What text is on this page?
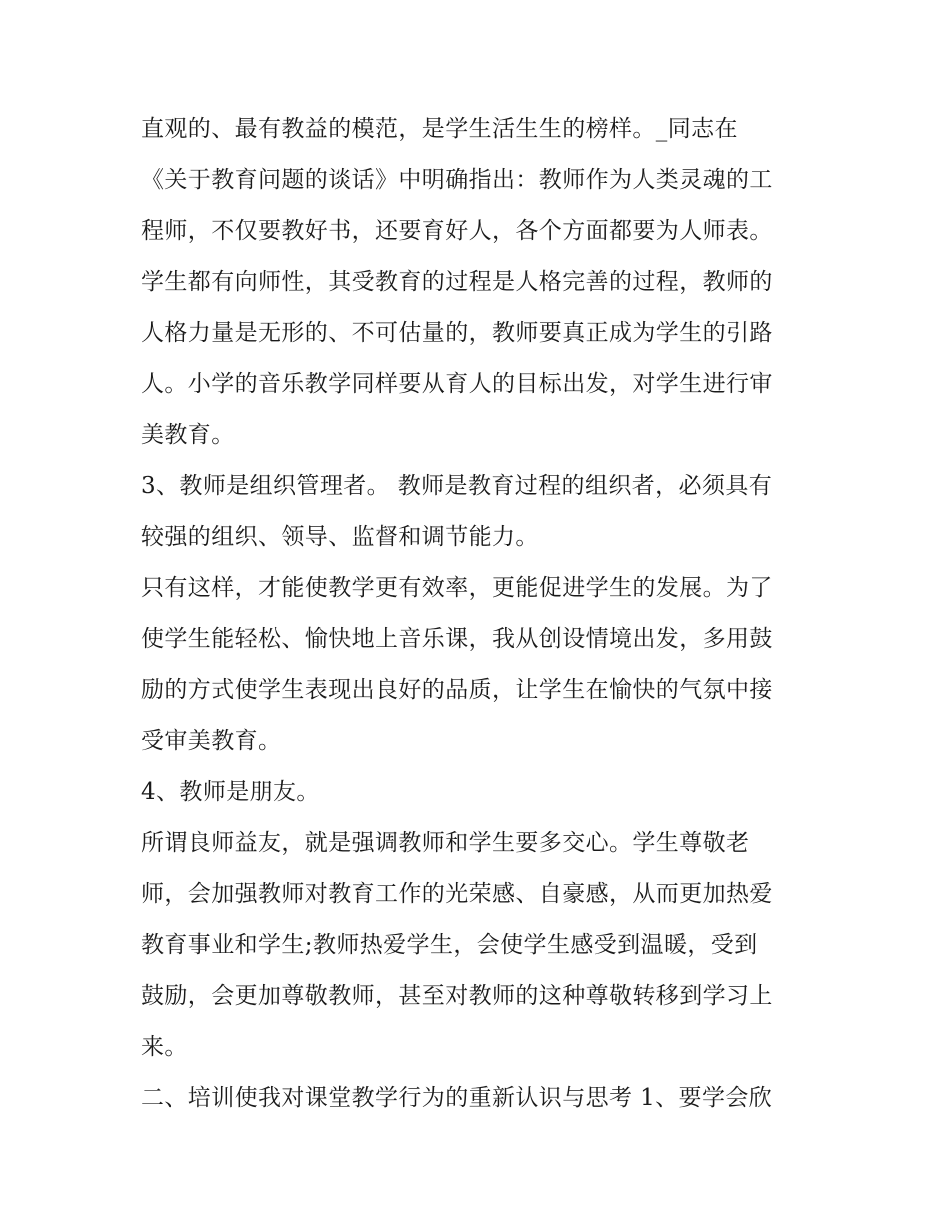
直观的、最有教益的模范，是学生活生生的榜样。_同志在
《关于教育问题的谈话》中明确指出：教师作为人类灵魂的工
程师，不仅要教好书，还要育好人，各个方面都要为人师表。
学生都有向师性，其受教育的过程是人格完善的过程，教师的
人格力量是无形的、不可估量的，教师要真正成为学生的引路
人。小学的音乐教学同样要从育人的目标出发，对学生进行审
美教育。
3、教师是组织管理者。 教师是教育过程的组织者，必须具有
较强的组织、领导、监督和调节能力。
只有这样，才能使教学更有效率，更能促进学生的发展。为了
使学生能轻松、愉快地上音乐课，我从创设情境出发，多用鼓
励的方式使学生表现出良好的品质，让学生在愉快的气氛中接
受审美教育。
4、教师是朋友。
所谓良师益友，就是强调教师和学生要多交心。学生尊敬老
师，会加强教师对教育工作的光荣感、自豪感，从而更加热爱
教育事业和学生;教师热爱学生，会使学生感受到温暖，受到
鼓励，会更加尊敬教师，甚至对教师的这种尊敬转移到学习上
来。
二、培训使我对课堂教学行为的重新认识与思考 1、要学会欣
